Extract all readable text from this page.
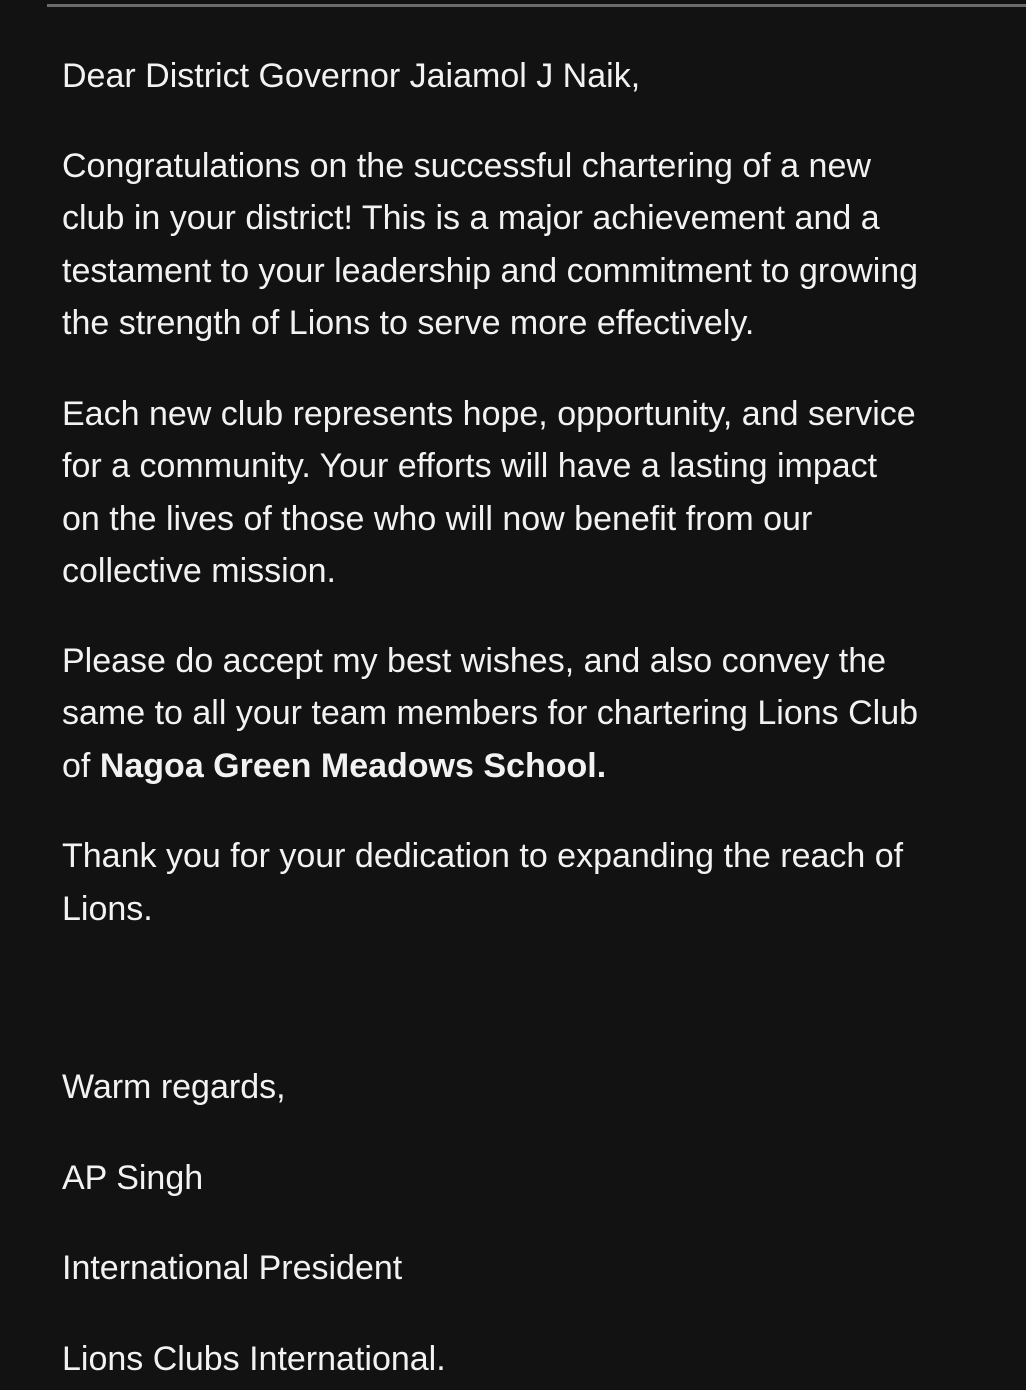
Dear District Governor Jaiamol J Naik,
Congratulations on the successful chartering of a new
club in your district! This is a major achievement and a
testament to your leadership and commitment to growing
the strength of Lions to serve more effectively.
Each new club represents hope, opportunity, and service
for a community. Your efforts will have a lasting impact
on the lives of those who will now benefit from our
collective mission.
Please do accept my best wishes, and also convey the
same to all your team members for chartering Lions Club
of Nagoa Green Meadows School.
Thank you for your dedication to expanding the reach of
Lions.
Warm regards,
AP Singh
International President
Lions Clubs International.
